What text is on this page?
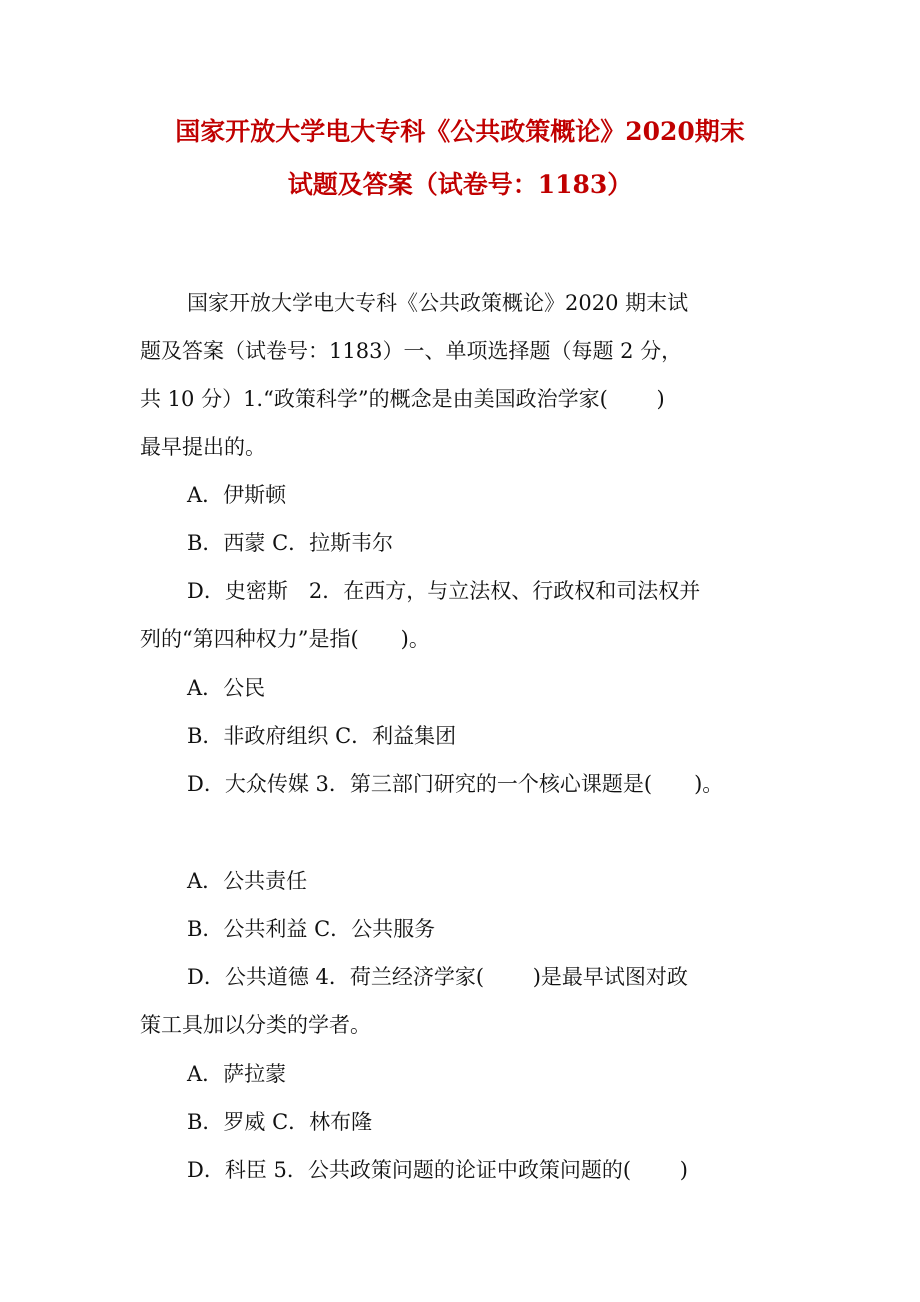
国家开放大学电大专科《公共政策概论》2020期末
试题及答案（试卷号：1183）
国家开放大学电大专科《公共政策概论》2020 期末试
题及答案（试卷号：1183）一、单项选择题（每题 2 分，
共 10 分）1.“政策科学”的概念是由美国政治学家(　　 )
最早提出的。
A．伊斯顿
B．西蒙 C．拉斯韦尔
D．史密斯　2．在西方，与立法权、行政权和司法权并
列的“第四种权力”是指(　　)。
A．公民
B．非政府组织 C．利益集团
D．大众传媒 3．第三部门研究的一个核心课题是(　　)。
A．公共责任
B．公共利益 C．公共服务
D．公共道德 4．荷兰经济学家(　　 )是最早试图对政
策工具加以分类的学者。
A．萨拉蒙
B．罗威 C．林布隆
D．科臣 5．公共政策问题的论证中政策问题的(　　 )
